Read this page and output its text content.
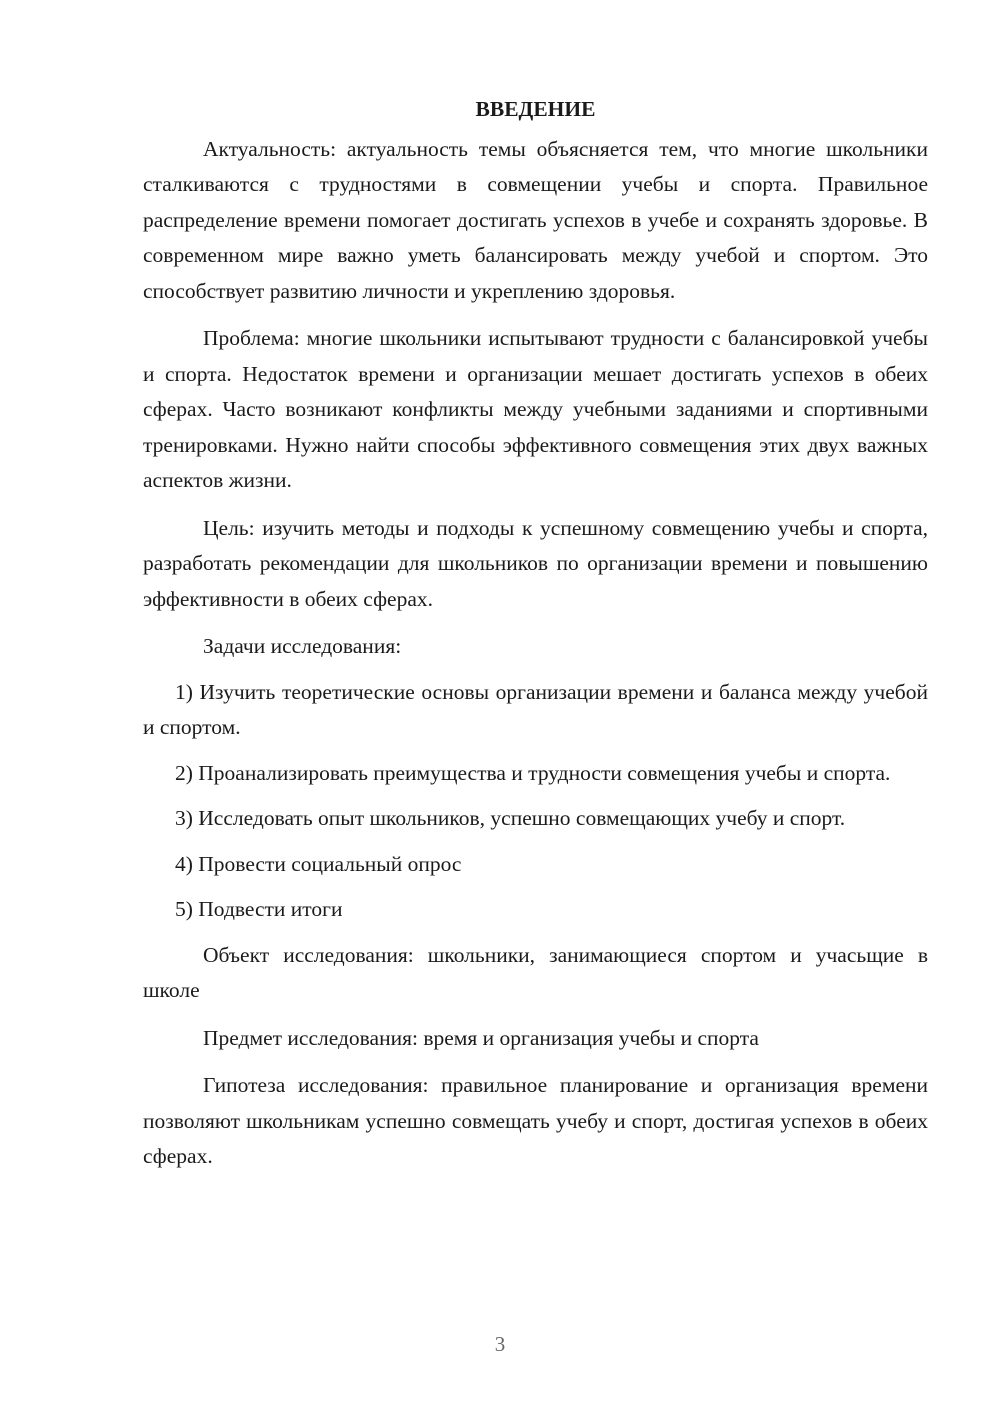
ВВЕДЕНИЕ

Актуальность: актуальность темы объясняется тем, что многие школьники сталкиваются с трудностями в совмещении учебы и спорта. Правильное распределение времени помогает достигать успехов в учебе и сохранять здоровье. В современном мире важно уметь балансировать между учебой и спортом. Это способствует развитию личности и укреплению здоровья.

Проблема: многие школьники испытывают трудности с балансировкой учебы и спорта. Недостаток времени и организации мешает достигать успехов в обеих сферах. Часто возникают конфликты между учебными заданиями и спортивными тренировками. Нужно найти способы эффективного совмещения этих двух важных аспектов жизни.

Цель: изучить методы и подходы к успешному совмещению учебы и спорта, разработать рекомендации для школьников по организации времени и повышению эффективности в обеих сферах.

Задачи исследования:

1) Изучить теоретические основы организации времени и баланса между учебой и спортом.

2) Проанализировать преимущества и трудности совмещения учебы и спорта.

3) Исследовать опыт школьников, успешно совмещающих учебу и спорт.

4) Провести социальный опрос

5) Подвести итоги

Объект исследования: школьники, занимающиеся спортом и учасьщие в школе

Предмет исследования: время и организация учебы и спорта

Гипотеза исследования: правильное планирование и организация времени позволяют школьникам успешно совмещать учебу и спорт, достигая успехов в обеих сферах.

3
